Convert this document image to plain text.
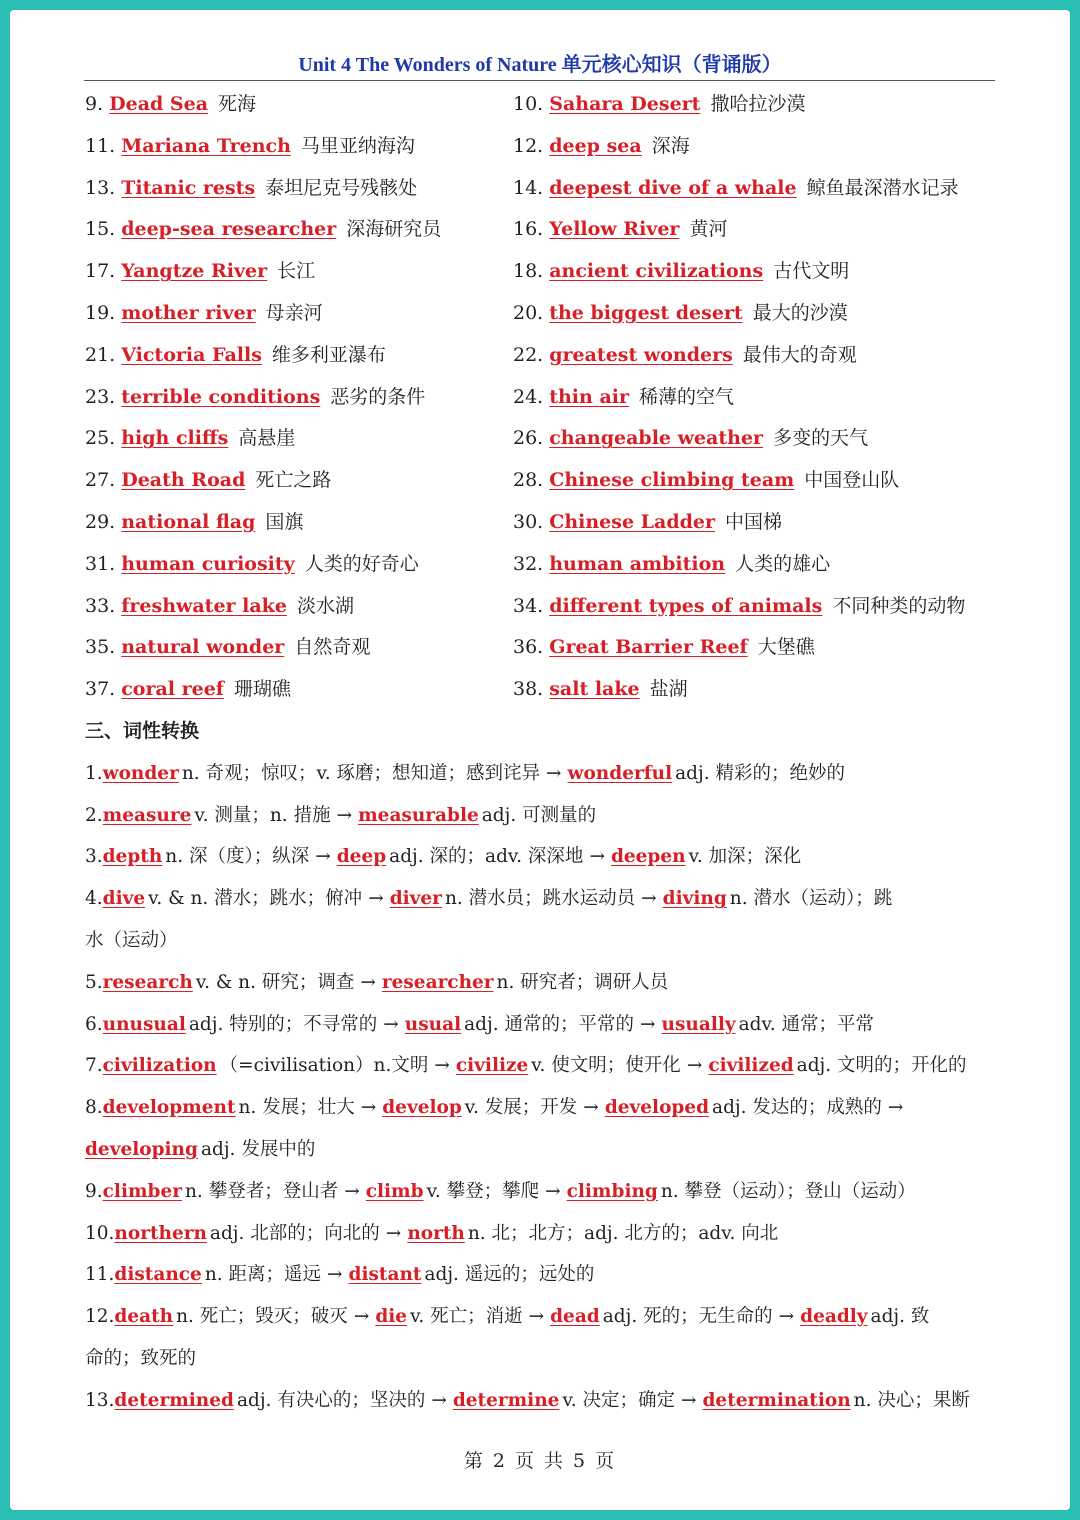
Unit 4 The Wonders of Nature 单元核心知识（背诵版）
9. Dead Sea 死海	10. Sahara Desert 撒哈拉沙漠
11. Mariana Trench 马里亚纳海沟	12. deep sea 深海
13. Titanic rests 泰坦尼克号残骸处	14. deepest dive of a whale 鲸鱼最深潜水记录
15. deep-sea researcher 深海研究员	16. Yellow River 黄河
17. Yangtze River 长江	18. ancient civilizations 古代文明
19. mother river 母亲河	20. the biggest desert 最大的沙漠
21. Victoria Falls 维多利亚瀑布	22. greatest wonders 最伟大的奇观
23. terrible conditions 恶劣的条件	24. thin air 稀薄的空气
25. high cliffs 高悬崖	26. changeable weather 多变的天气
27. Death Road 死亡之路	28. Chinese climbing team 中国登山队
29. national flag 国旗	30. Chinese Ladder 中国梯
31. human curiosity 人类的好奇心	32. human ambition 人类的雄心
33. freshwater lake 淡水湖	34. different types of animals 不同种类的动物
35. natural wonder 自然奇观	36. Great Barrier Reef 大堡礁
37. coral reef 珊瑚礁	38. salt lake 盐湖
三、词性转换
1.wonder n. 奇观；惊叹；v. 琢磨；想知道；感到诧异 → wonderful adj. 精彩的；绝妙的
2.measure v. 测量；n. 措施 → measurable adj. 可测量的
3.depth n. 深（度）；纵深 → deep adj. 深的；adv. 深深地 → deepen v. 加深；深化
4.dive v. & n. 潜水；跳水；俯冲 → diver n. 潜水员；跳水运动员 → diving n. 潜水（运动）；跳
水（运动）
5.research v. & n. 研究；调查 → researcher n. 研究者；调研人员
6.unusual adj. 特别的；不寻常的 → usual adj. 通常的；平常的 → usually adv. 通常；平常
7.civilization （=civilisation）n.文明 → civilize v. 使文明；使开化 → civilized adj. 文明的；开化的
8.development n. 发展；壮大 → develop v. 发展；开发 → developed adj. 发达的；成熟的 →
developing adj. 发展中的
9.climber n. 攀登者；登山者 → climb v. 攀登；攀爬 → climbing n. 攀登（运动）；登山（运动）
10.northern adj. 北部的；向北的 → north n. 北；北方；adj. 北方的；adv. 向北
11.distance n. 距离；遥远 → distant adj. 遥远的；远处的
12.death n. 死亡；毁灭；破灭 → die v. 死亡；消逝 → dead adj. 死的；无生命的 → deadly adj. 致
命的；致死的
13.determined adj. 有决心的；坚决的 → determine v. 决定；确定 → determination n. 决心；果断
第 2 页 共 5 页
